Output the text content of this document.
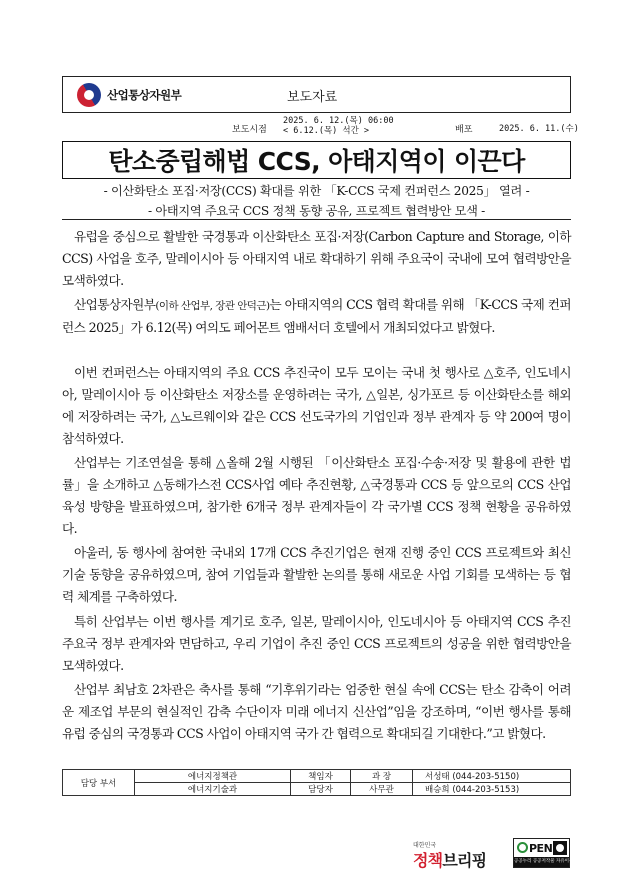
산업통상자원부	보도자료
보도시점
2025. 6. 12.(목) 06:00
< 6.12.(목) 석간 >	배포	2025. 6. 11.(수)
탄소중립해법 CCS, 아태지역이 이끈다
- 이산화탄소 포집·저장(CCS) 확대를 위한 「K-CCS 국제 컨퍼런스 2025」 열려 -
- 아태지역 주요국 CCS 정책 동향 공유, 프로젝트 협력방안 모색 -

유럽을 중심으로 활발한 국경통과 이산화탄소 포집·저장(Carbon Capture and Storage, 이하 CCS) 사업을 호주, 말레이시아 등 아태지역 내로 확대하기 위해 주요국이 국내에 모여 협력방안을 모색하였다.

산업통상자원부(이하 산업부, 장관 안덕근)는 아태지역의 CCS 협력 확대를 위해 「K-CCS 국제 컨퍼런스 2025」가 6.12(목) 여의도 페어몬트 앰배서더 호텔에서 개최되었다고 밝혔다.

이번 컨퍼런스는 아태지역의 주요 CCS 추진국이 모두 모이는 국내 첫 행사로 △호주, 인도네시아, 말레이시아 등 이산화탄소 저장소를 운영하려는 국가, △일본, 싱가포르 등 이산화탄소를 해외에 저장하려는 국가, △노르웨이와 같은 CCS 선도국가의 기업인과 정부 관계자 등 약 200여 명이 참석하였다.

산업부는 기조연설을 통해 △올해 2월 시행된 「이산화탄소 포집·수송·저장 및 활용에 관한 법률」을 소개하고 △동해가스전 CCS사업 예타 추진현황, △국경통과 CCS 등 앞으로의 CCS 산업 육성 방향을 발표하였으며, 참가한 6개국 정부 관계자들이 각 국가별 CCS 정책 현황을 공유하였다.

아울러, 동 행사에 참여한 국내외 17개 CCS 추진기업은 현재 진행 중인 CCS 프로젝트와 최신 기술 동향을 공유하였으며, 참여 기업들과 활발한 논의를 통해 새로운 사업 기회를 모색하는 등 협력 체계를 구축하였다.

특히 산업부는 이번 행사를 계기로 호주, 일본, 말레이시아, 인도네시아 등 아태지역 CCS 추진 주요국 정부 관계자와 면담하고, 우리 기업이 추진 중인 CCS 프로젝트의 성공을 위한 협력방안을 모색하였다.

산업부 최남호 2차관은 축사를 통해 “기후위기라는 엄중한 현실 속에 CCS는 탄소 감축이 어려운 제조업 부문의 현실적인 감축 수단이자 미래 에너지 신산업”임을 강조하며, “이번 행사를 통해 유럽 중심의 국경통과 CCS 사업이 아태지역 국가 간 협력으로 확대되길 기대한다.”고 밝혔다.

담당 부서	에너지정책관	책임자	과 장	서성태 (044-203-5150)
	에너지기술과	담당자	사무관	배승희 (044-203-5153)
대한민국
정책브리핑
PEN
공공누리 공공저작물 자유이용허락
